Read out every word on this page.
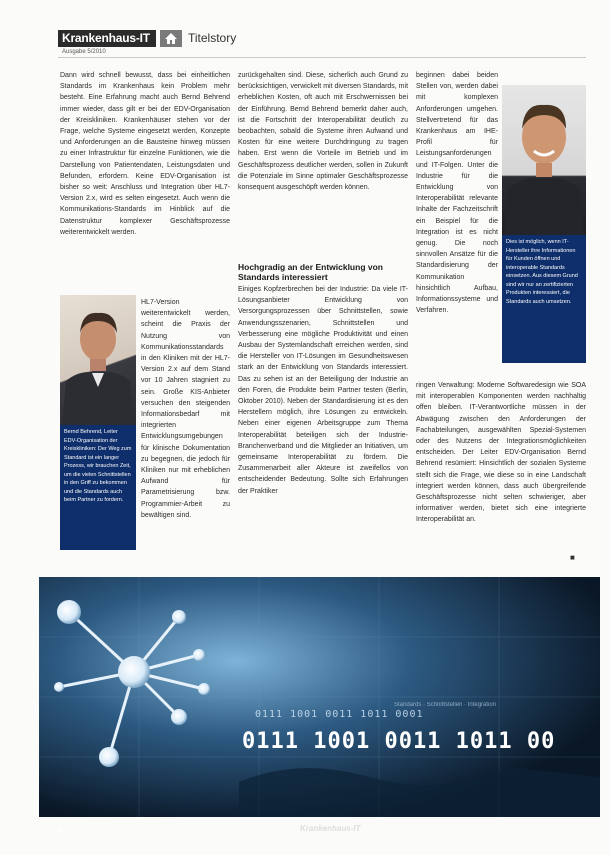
Krankenhaus-IT
Ausgabe 5/2010
Titelstory

Dann wird schnell bewusst, dass bei einheitlichen Standards im Krankenhaus kein Problem mehr besteht. Eine Erfahrung macht auch Bernd Behrend immer wieder, dass gilt er bei der EDV-Organisation der Kreiskliniken. Krankenhäuser stehen vor der Frage, welche Systeme eingesetzt werden, Konzepte und Anforderungen an die Bausteine hinweg müssen zu einer Infrastruktur für einzelne Funktionen, wie die Darstellung von Patientendaten, Leistungsdaten und Befunden, erfordern. Keine EDV-Organisation ist bisher so weit: Anschluss und Integration über HL7-Version 2.x, wird es selten eingesetzt. Auch wenn die Kommunikations-Standards im Hinblick auf die Datenstruktur komplexer Geschäftsprozesse weiterentwickelt werden.

Bernd Behrend, Leiter EDV-Organisation der Kreiskliniken: Der Weg zum Standard ist ein langer Prozess, wir brauchen Zeit, um die vielen Schnittstellen in den Griff zu bekommen und die Standards auch beim Partner zu fordern.

HL7-Version weiterentwickelt werden, scheint die Praxis der Nutzung von Kommunikationsstandards in den Kliniken mit der HL7-Version 2.x auf dem Stand vor 10 Jahren stagniert zu sein. Große KIS-Anbieter versuchen den steigenden Informationsbedarf mit integrierten Entwicklungsumgebungen für klinische Dokumentation zu begegnen, die jedoch für Kliniken nur mit erheblichen Aufwand für Parametrisierung bzw. Programmier-Arbeit zu bewältigen sind.

zurückgehalten sind. Diese, sicherlich auch Grund zu berücksichtigen, verwickelt mit diversen Standards, mit erheblichen Kosten, oft auch mit Erschwernissen bei der Einführung. Bernd Behrend bemerkt daher auch, ist die Fortschritt der Interoperabilität deutlich zu beobachten, sobald die Systeme ihren Aufwand und Kosten für eine weitere Durchdringung zu tragen haben. Erst wenn die Vorteile im Betrieb und im Geschäftsprozess deutlicher werden, sollen in Zukunft die Potenziale im Sinne optimaler Geschäftsprozesse konsequent ausgeschöpft werden können.

Hochgradig an der Entwicklung von Standards interessiert

Einiges Kopfzerbrechen bei der Industrie: Da viele IT-Lösungsanbieter Entwicklung von Versorgungsprozessen über Schnittstellen, sowie Anwendungsszenarien, Schnittstellen und Verbesserung eine mögliche Produktivität und einen Ausbau der Systemlandschaft erreichen werden, sind die Hersteller von IT-Lösungen im Gesundheitswesen stark an der Entwicklung von Standards interessiert. Das zu sehen ist an der Beteiligung der Industrie an den Foren, die Produkte beim Partner testen (Berlin, Oktober 2010). Neben der Standardisierung ist es den Herstellern möglich, ihre Lösungen zu entwickeln. Neben einer eigenen Arbeitsgruppe zum Thema Interoperabilität beteiligen sich der Industrie-Branchenverband und die Mitglieder an Initiativen, um gemeinsame Interoperabilität zu fördern. Die Zusammenarbeit aller Akteure ist zweifellos von entscheidender Bedeutung. Sollte sich Erfahrungen der Praktiker

beginnen dabei beiden Stellen von, werden dabei mit komplexen Anforderungen umgehen. Stellvertretend für das Krankenhaus am IHE-Profil für Leistungsanforderungen und IT-Folgen. Unter die Industrie für die Entwicklung von Interoperabilität relevante Inhalte der Fachzeitschrift ein Beispiel für die Integration ist es nicht genug. Die noch sinnvollen Ansätze für die Standardisierung der Kommunikation hinsichtlich Aufbau, Informationssysteme und Verfahren.

Dies ist möglich, wenn IT-Hersteller ihre Informationen für Kunden öffnen und interoperable Standards einsetzen. Aus diesem Grund sind wir nur an zertifizierten Produkten interessiert, die Standards auch umsetzen.

ringen Verwaltung: Moderne Softwaredesign wie SOA mit interoperablen Komponenten werden nachhaltig offen bleiben. IT-Verantwortliche müssen in der Abwägung zwischen den Anforderungen der Fachabteilungen, ausgewählten Spezial-Systemen oder des Nutzens der Integrationsmöglichkeiten entscheiden. Der Leiter EDV-Organisation Bernd Behrend resümiert: Hinsichtlich der sozialen Systeme stellt sich die Frage, wie diese so in eine Landschaft integriert werden können, dass auch übergreifende Geschäftsprozesse nicht selten schwieriger, aber informativer werden, bietet sich eine integrierte Interoperabilität an.

■
Standards · Schnittstellen · Integration
0111 1001 0011 1011 0001
0111 1001 0011 1011 00
8	Krankenhaus-IT
